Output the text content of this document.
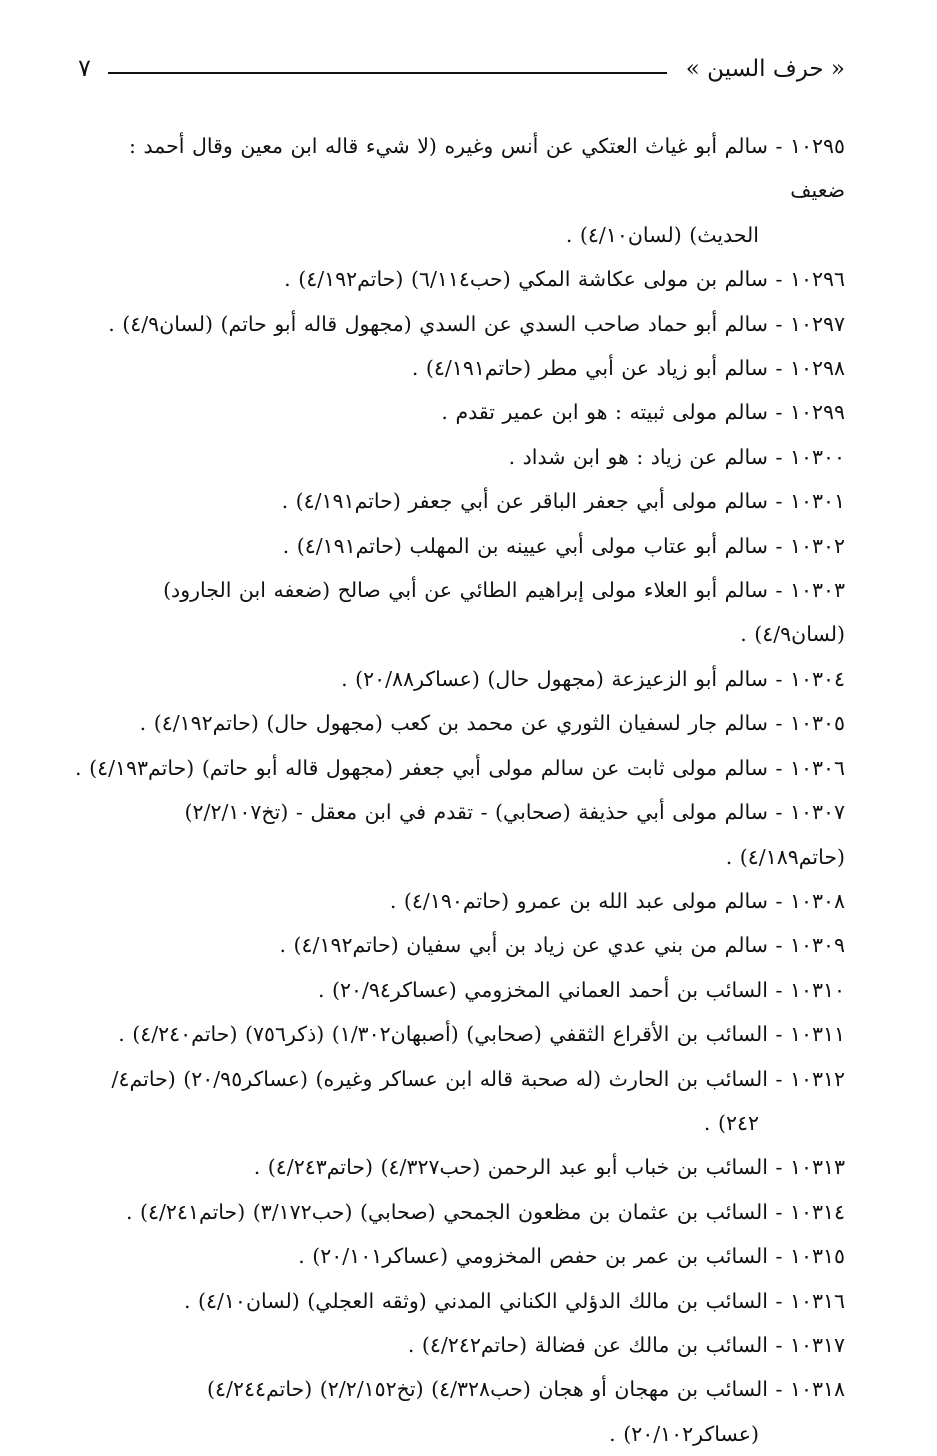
« حرف السين »
٧
١٠٢٩٥ - سالم أبو غياث العتكي عن أنس وغيره (لا شيء قاله ابن معين وقال أحمد : ضعيف
الحديث) (لسان٤/١٠) .
١٠٢٩٦ - سالم بن مولى عكاشة المكي (حب٦/١١٤) (حاتم٤/١٩٢) .
١٠٢٩٧ - سالم أبو حماد صاحب السدي عن السدي (مجهول قاله أبو حاتم) (لسان٤/٩) .
١٠٢٩٨ - سالم أبو زياد عن أبي مطر (حاتم٤/١٩١) .
١٠٢٩٩ - سالم مولى ثبيته : هو ابن عمير تقدم .
١٠٣٠٠ - سالم عن زياد : هو ابن شداد .
١٠٣٠١ - سالم مولى أبي جعفر الباقر عن أبي جعفر (حاتم٤/١٩١) .
١٠٣٠٢ - سالم أبو عتاب مولى أبي عيينه بن المهلب (حاتم٤/١٩١) .
١٠٣٠٣ - سالم أبو العلاء مولى إبراهيم الطائي عن أبي صالح (ضعفه ابن الجارود) (لسان٤/٩) .
١٠٣٠٤ - سالم أبو الزعيزعة (مجهول حال) (عساكر٢٠/٨٨) .
١٠٣٠٥ - سالم جار لسفيان الثوري عن محمد بن كعب (مجهول حال) (حاتم٤/١٩٢) .
١٠٣٠٦ - سالم مولى ثابت عن سالم مولى أبي جعفر (مجهول قاله أبو حاتم) (حاتم٤/١٩٣) .
١٠٣٠٧ - سالم مولى أبي حذيفة (صحابي) - تقدم في ابن معقل - (تخ٢/٢/١٠٧) (حاتم٤/١٨٩) .
١٠٣٠٨ - سالم مولى عبد الله بن عمرو (حاتم٤/١٩٠) .
١٠٣٠٩ - سالم من بني عدي عن زياد بن أبي سفيان (حاتم٤/١٩٢) .
١٠٣١٠ - السائب بن أحمد العماني المخزومي (عساكر٢٠/٩٤) .
١٠٣١١ - السائب بن الأقراع الثقفي (صحابي) (أصبهان١/٣٠٢) (ذكر٧٥٦) (حاتم٤/٢٤٠) .
١٠٣١٢ - السائب بن الحارث (له صحبة قاله ابن عساكر وغيره) (عساكر٢٠/٩٥) (حاتم٤/
٢٤٢) .
١٠٣١٣ - السائب بن خباب أبو عبد الرحمن (حب٤/٣٢٧) (حاتم٤/٢٤٣) .
١٠٣١٤ - السائب بن عثمان بن مظعون الجمحي (صحابي) (حب٣/١٧٢) (حاتم٤/٢٤١) .
١٠٣١٥ - السائب بن عمر بن حفص المخزومي (عساكر٢٠/١٠١) .
١٠٣١٦ - السائب بن مالك الدؤلي الكناني المدني (وثقه العجلي) (لسان٤/١٠) .
١٠٣١٧ - السائب بن مالك عن فضالة (حاتم٤/٢٤٢) .
١٠٣١٨ - السائب بن مهجان أو هجان (حب٤/٣٢٨) (تخ٢/٢/١٥٢) (حاتم٤/٢٤٤)
(عساكر٢٠/١٠٢) .
